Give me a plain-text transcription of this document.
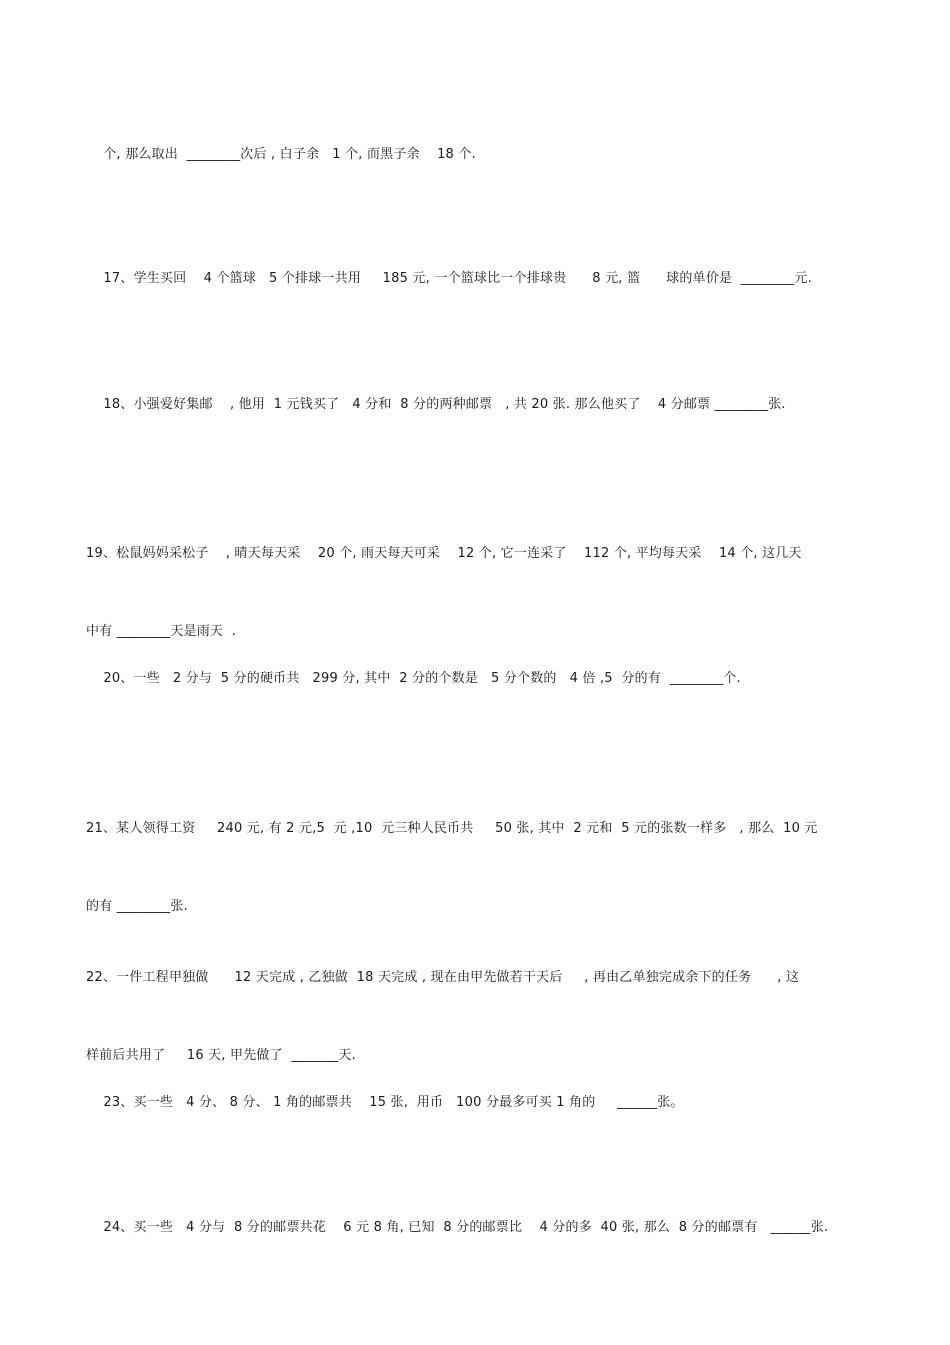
个, 那么取出  ________次后 , 白子余   1 个, 而黑子余    18 个.

17、学生买回    4 个篮球   5 个排球一共用     185 元, 一个篮球比一个排球贵      8 元, 篮      球的单价是  ________元.

18、小强爱好集邮    , 他用  1 元钱买了   4 分和  8 分的两种邮票   , 共 20 张. 那么他买了    4 分邮票 ________张.

19、松鼠妈妈采松子    , 晴天每天采    20 个, 雨天每天可采    12 个, 它一连采了    112 个, 平均每天采    14 个, 这几天

中有 ________天是雨天  .

20、一些   2 分与  5 分的硬币共   299 分, 其中  2 分的个数是   5 分个数的   4 倍 ,5  分的有  ________个.

21、某人领得工资     240 元, 有 2 元,5  元 ,10  元三种人民币共     50 张, 其中  2 元和  5 元的张数一样多   , 那么  10 元

的有 ________张.

22、一件工程甲独做      12 天完成 , 乙独做  18 天完成 , 现在由甲先做若干天后     , 再由乙单独完成余下的任务      , 这

样前后共用了     16 天, 甲先做了  _______天.

23、买一些   4 分、 8 分、 1 角的邮票共    15 张,  用币   100 分最多可买 1 角的     ______张。

24、买一些   4 分与  8 分的邮票共花    6 元 8 角, 已知  8 分的邮票比    4 分的多  40 张, 那么  8 分的邮票有   ______张.
